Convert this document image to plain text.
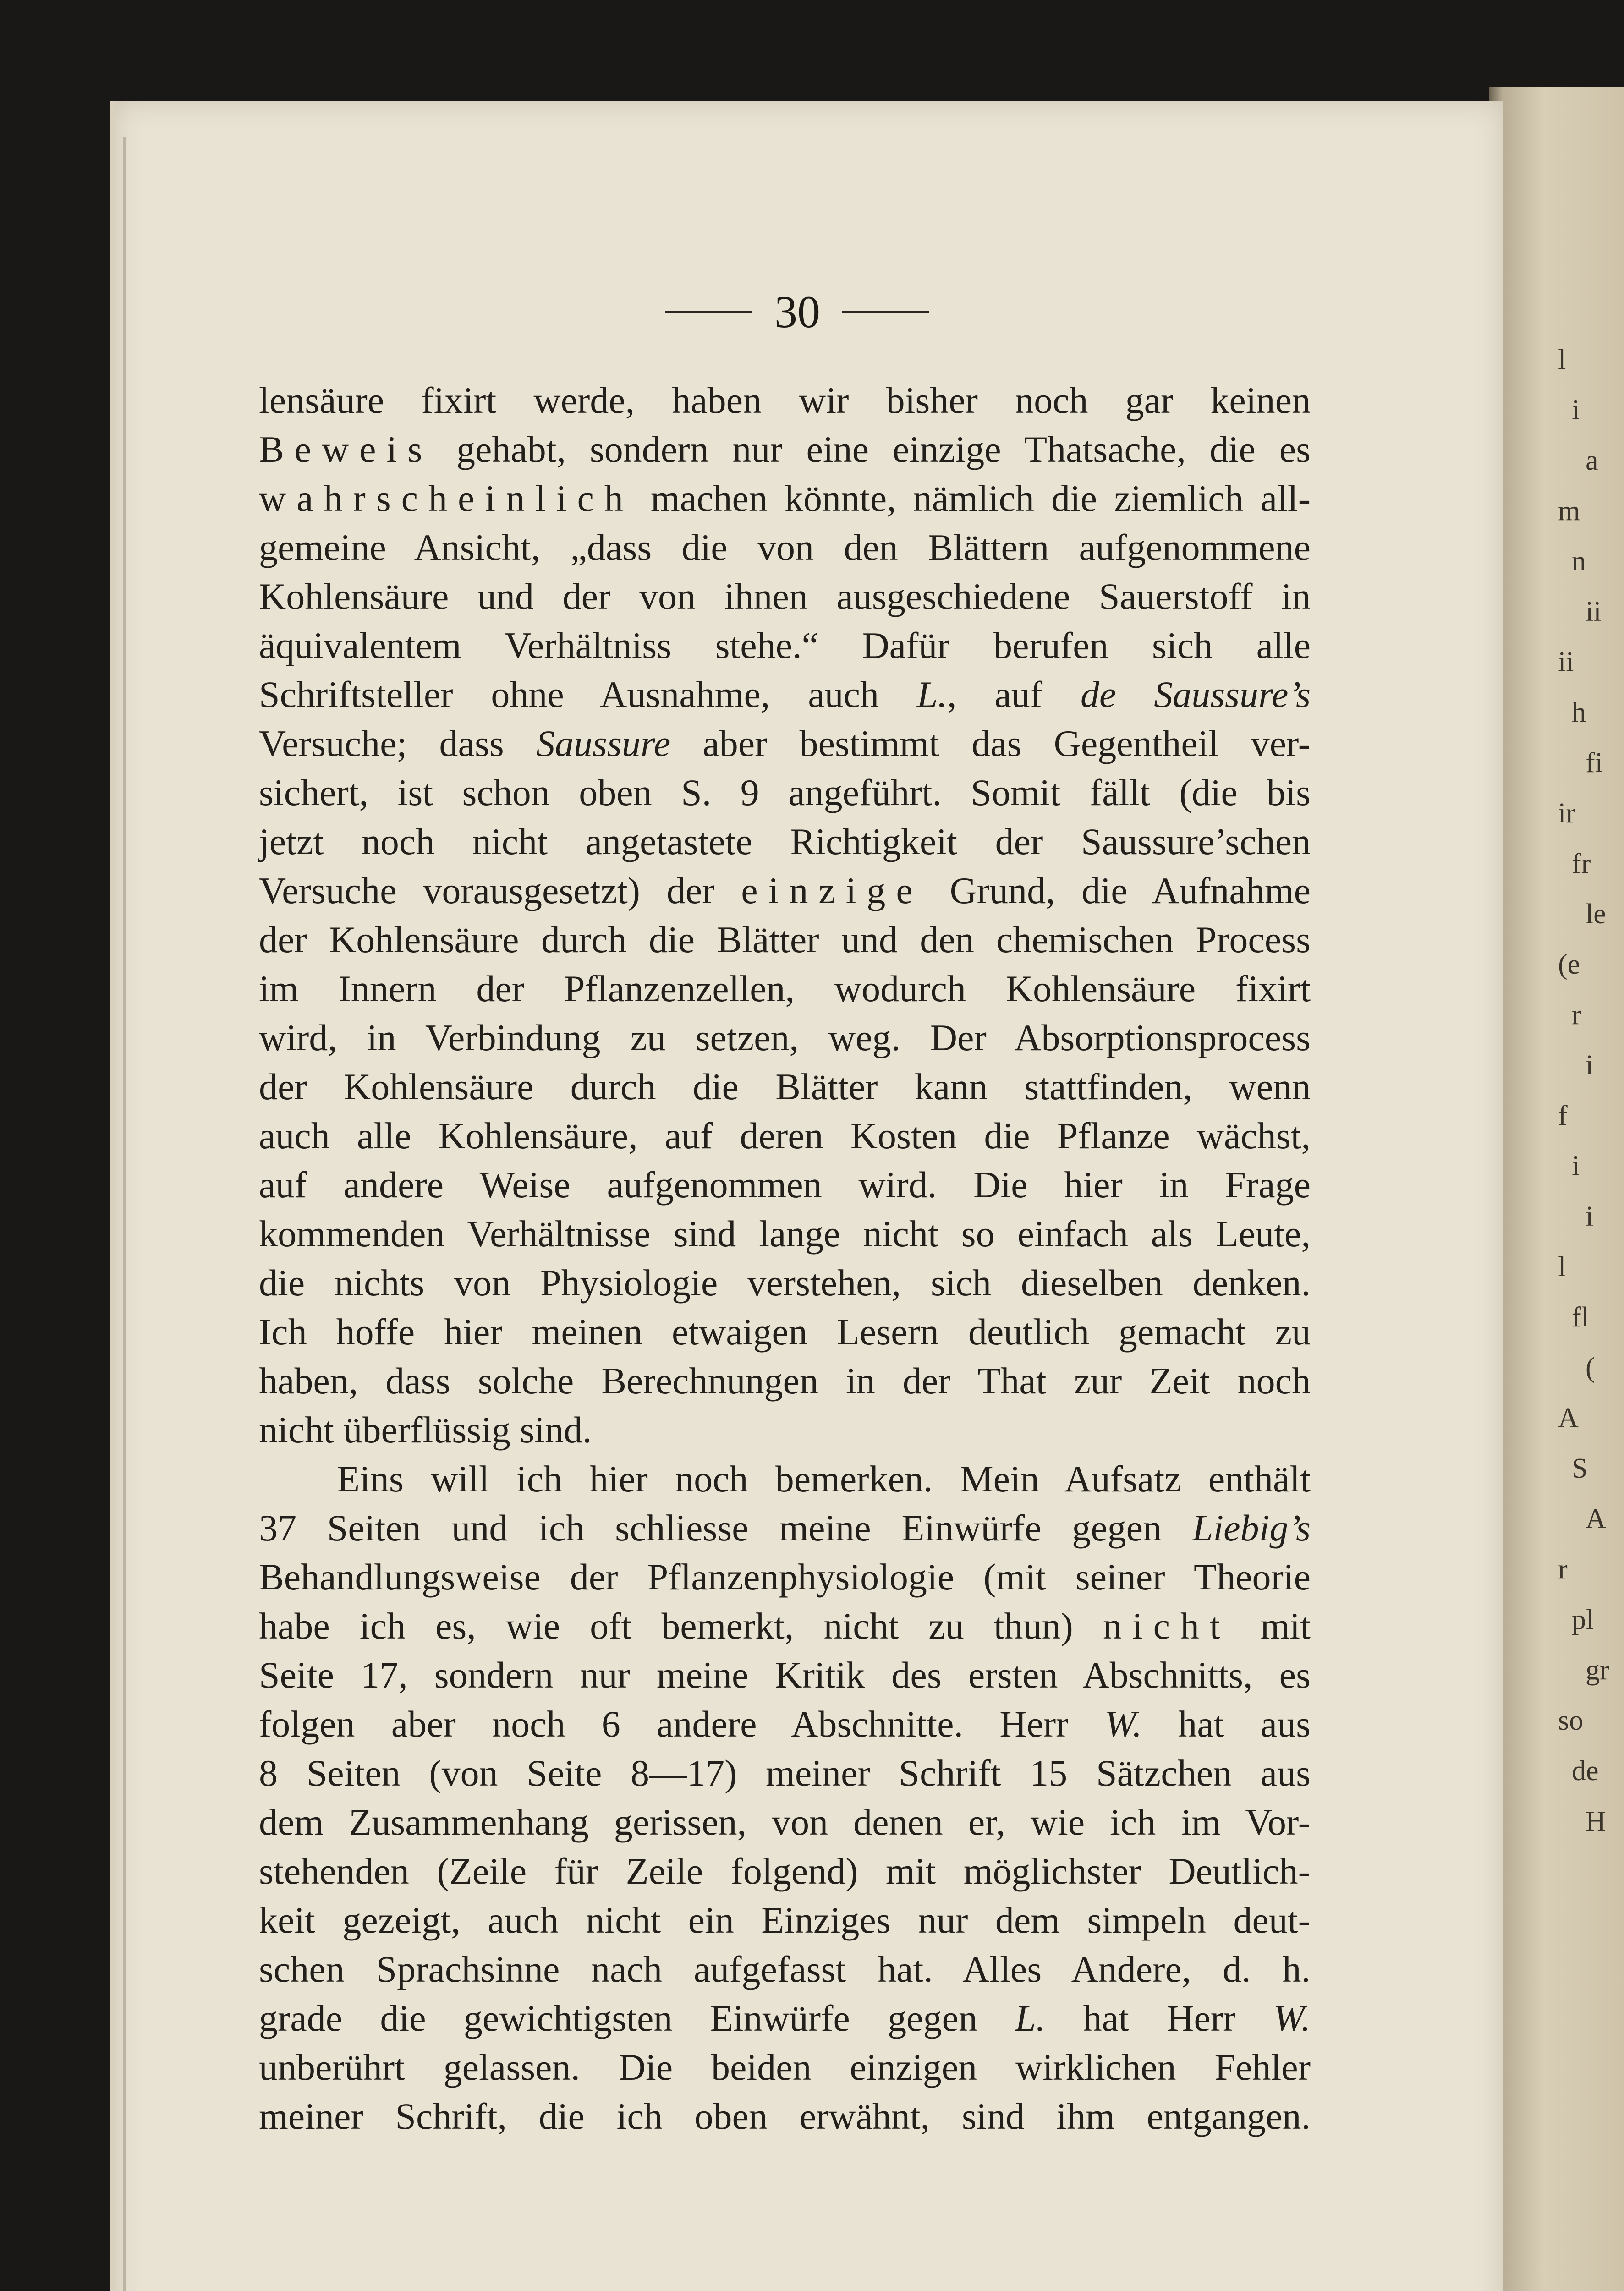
l
i
a
m
n
ii
ii
h
fi
ir
fr
le
(e
r
i
f
i
i
l
fl
(
A
S
A
r
pl
gr
so
de
H
30
lensäure fixirt werde, haben wir bisher noch gar keinen
Beweis gehabt, sondern nur eine einzige Thatsache, die es
wahrscheinlich machen könnte, nämlich die ziemlich all-
gemeine Ansicht, „dass die von den Blättern aufgenommene
Kohlensäure und der von ihnen ausgeschiedene Sauerstoff in
äquivalentem Verhältniss stehe.“ Dafür berufen sich alle
Schriftsteller ohne Ausnahme, auch L., auf de Saussure’s
Versuche; dass Saussure aber bestimmt das Gegentheil ver-
sichert, ist schon oben S. 9 angeführt. Somit fällt (die bis
jetzt noch nicht angetastete Richtigkeit der Saussure’schen
Versuche vorausgesetzt) der einzige Grund, die Aufnahme
der Kohlensäure durch die Blätter und den chemischen Process
im Innern der Pflanzenzellen, wodurch Kohlensäure fixirt
wird, in Verbindung zu setzen, weg. Der Absorptionsprocess
der Kohlensäure durch die Blätter kann stattfinden, wenn
auch alle Kohlensäure, auf deren Kosten die Pflanze wächst,
auf andere Weise aufgenommen wird. Die hier in Frage
kommenden Verhältnisse sind lange nicht so einfach als Leute,
die nichts von Physiologie verstehen, sich dieselben denken.
Ich hoffe hier meinen etwaigen Lesern deutlich gemacht zu
haben, dass solche Berechnungen in der That zur Zeit noch
nicht überflüssig sind.
Eins will ich hier noch bemerken. Mein Aufsatz enthält
37 Seiten und ich schliesse meine Einwürfe gegen Liebig’s
Behandlungsweise der Pflanzenphysiologie (mit seiner Theorie
habe ich es, wie oft bemerkt, nicht zu thun) nicht mit
Seite 17, sondern nur meine Kritik des ersten Abschnitts, es
folgen aber noch 6 andere Abschnitte. Herr W. hat aus
8 Seiten (von Seite 8—17) meiner Schrift 15 Sätzchen aus
dem Zusammenhang gerissen, von denen er, wie ich im Vor-
stehenden (Zeile für Zeile folgend) mit möglichster Deutlich-
keit gezeigt, auch nicht ein Einziges nur dem simpeln deut-
schen Sprachsinne nach aufgefasst hat. Alles Andere, d. h.
grade die gewichtigsten Einwürfe gegen L. hat Herr W.
unberührt gelassen. Die beiden einzigen wirklichen Fehler
meiner Schrift, die ich oben erwähnt, sind ihm entgangen.
